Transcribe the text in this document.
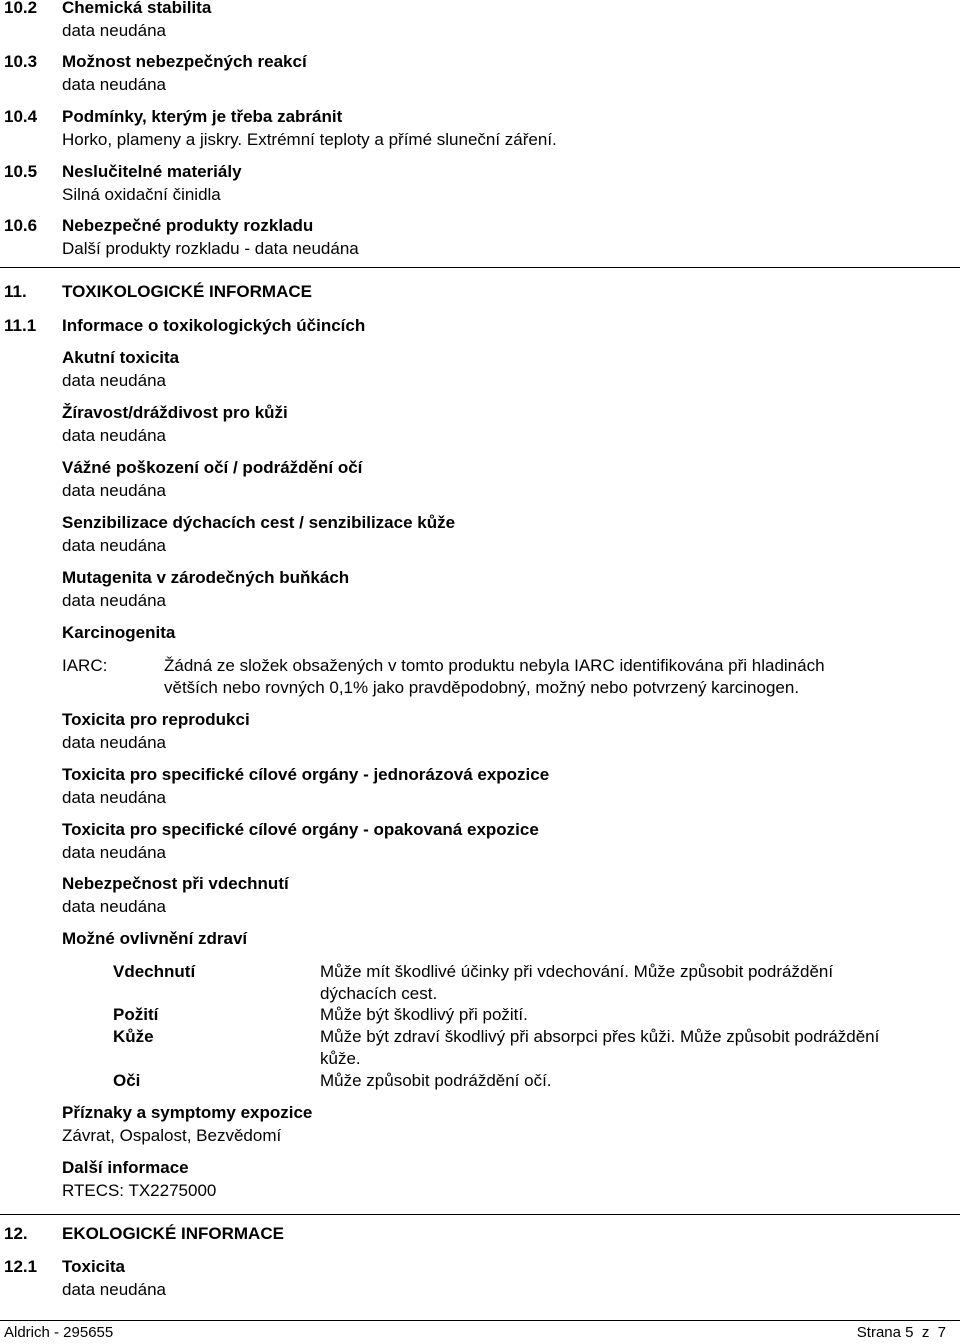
10.2 Chemická stabilita
data neudána
10.3 Možnost nebezpečných reakcí
data neudána
10.4 Podmínky, kterým je třeba zabránit
Horko, plameny a jiskry. Extrémní teploty a přímé sluneční záření.
10.5 Neslučitelné materiály
Silná oxidační činidla
10.6 Nebezpečné produkty rozkladu
Další produkty rozkladu - data neudána
11. TOXIKOLOGICKÉ INFORMACE
11.1 Informace o toxikologických účincích
Akutní toxicita
data neudána
Žíravost/dráždivost pro kůži
data neudána
Vážné poškození očí / podráždění očí
data neudána
Senzibilizace dýchacích cest / senzibilizace kůže
data neudána
Mutagenita v zárodečných buňkách
data neudána
Karcinogenita
IARC:	Žádná ze složek obsažených v tomto produktu nebyla IARC identifikována při hladinách
větších nebo rovných 0,1% jako pravděpodobný, možný nebo potvrzený karcinogen.
Toxicita pro reprodukci
data neudána
Toxicita pro specifické cílové orgány - jednorázová expozice
data neudána
Toxicita pro specifické cílové orgány - opakovaná expozice
data neudána
Nebezpečnost při vdechnutí
data neudána
Možné ovlivnění zdraví
Vdechnutí	Může mít škodlivé účinky při vdechování. Může způsobit podráždění
dýchacích cest.
Požití	Může být škodlivý při požití.
Kůže	Může být zdraví škodlivý při absorpci přes kůži. Může způsobit podráždění
kůže.
Oči	Může způsobit podráždění očí.
Příznaky a symptomy expozice
Závrat, Ospalost, Bezvědomí
Další informace
RTECS: TX2275000
12. EKOLOGICKÉ INFORMACE
12.1 Toxicita
data neudána
Aldrich - 295655	Strana 5  z  7
